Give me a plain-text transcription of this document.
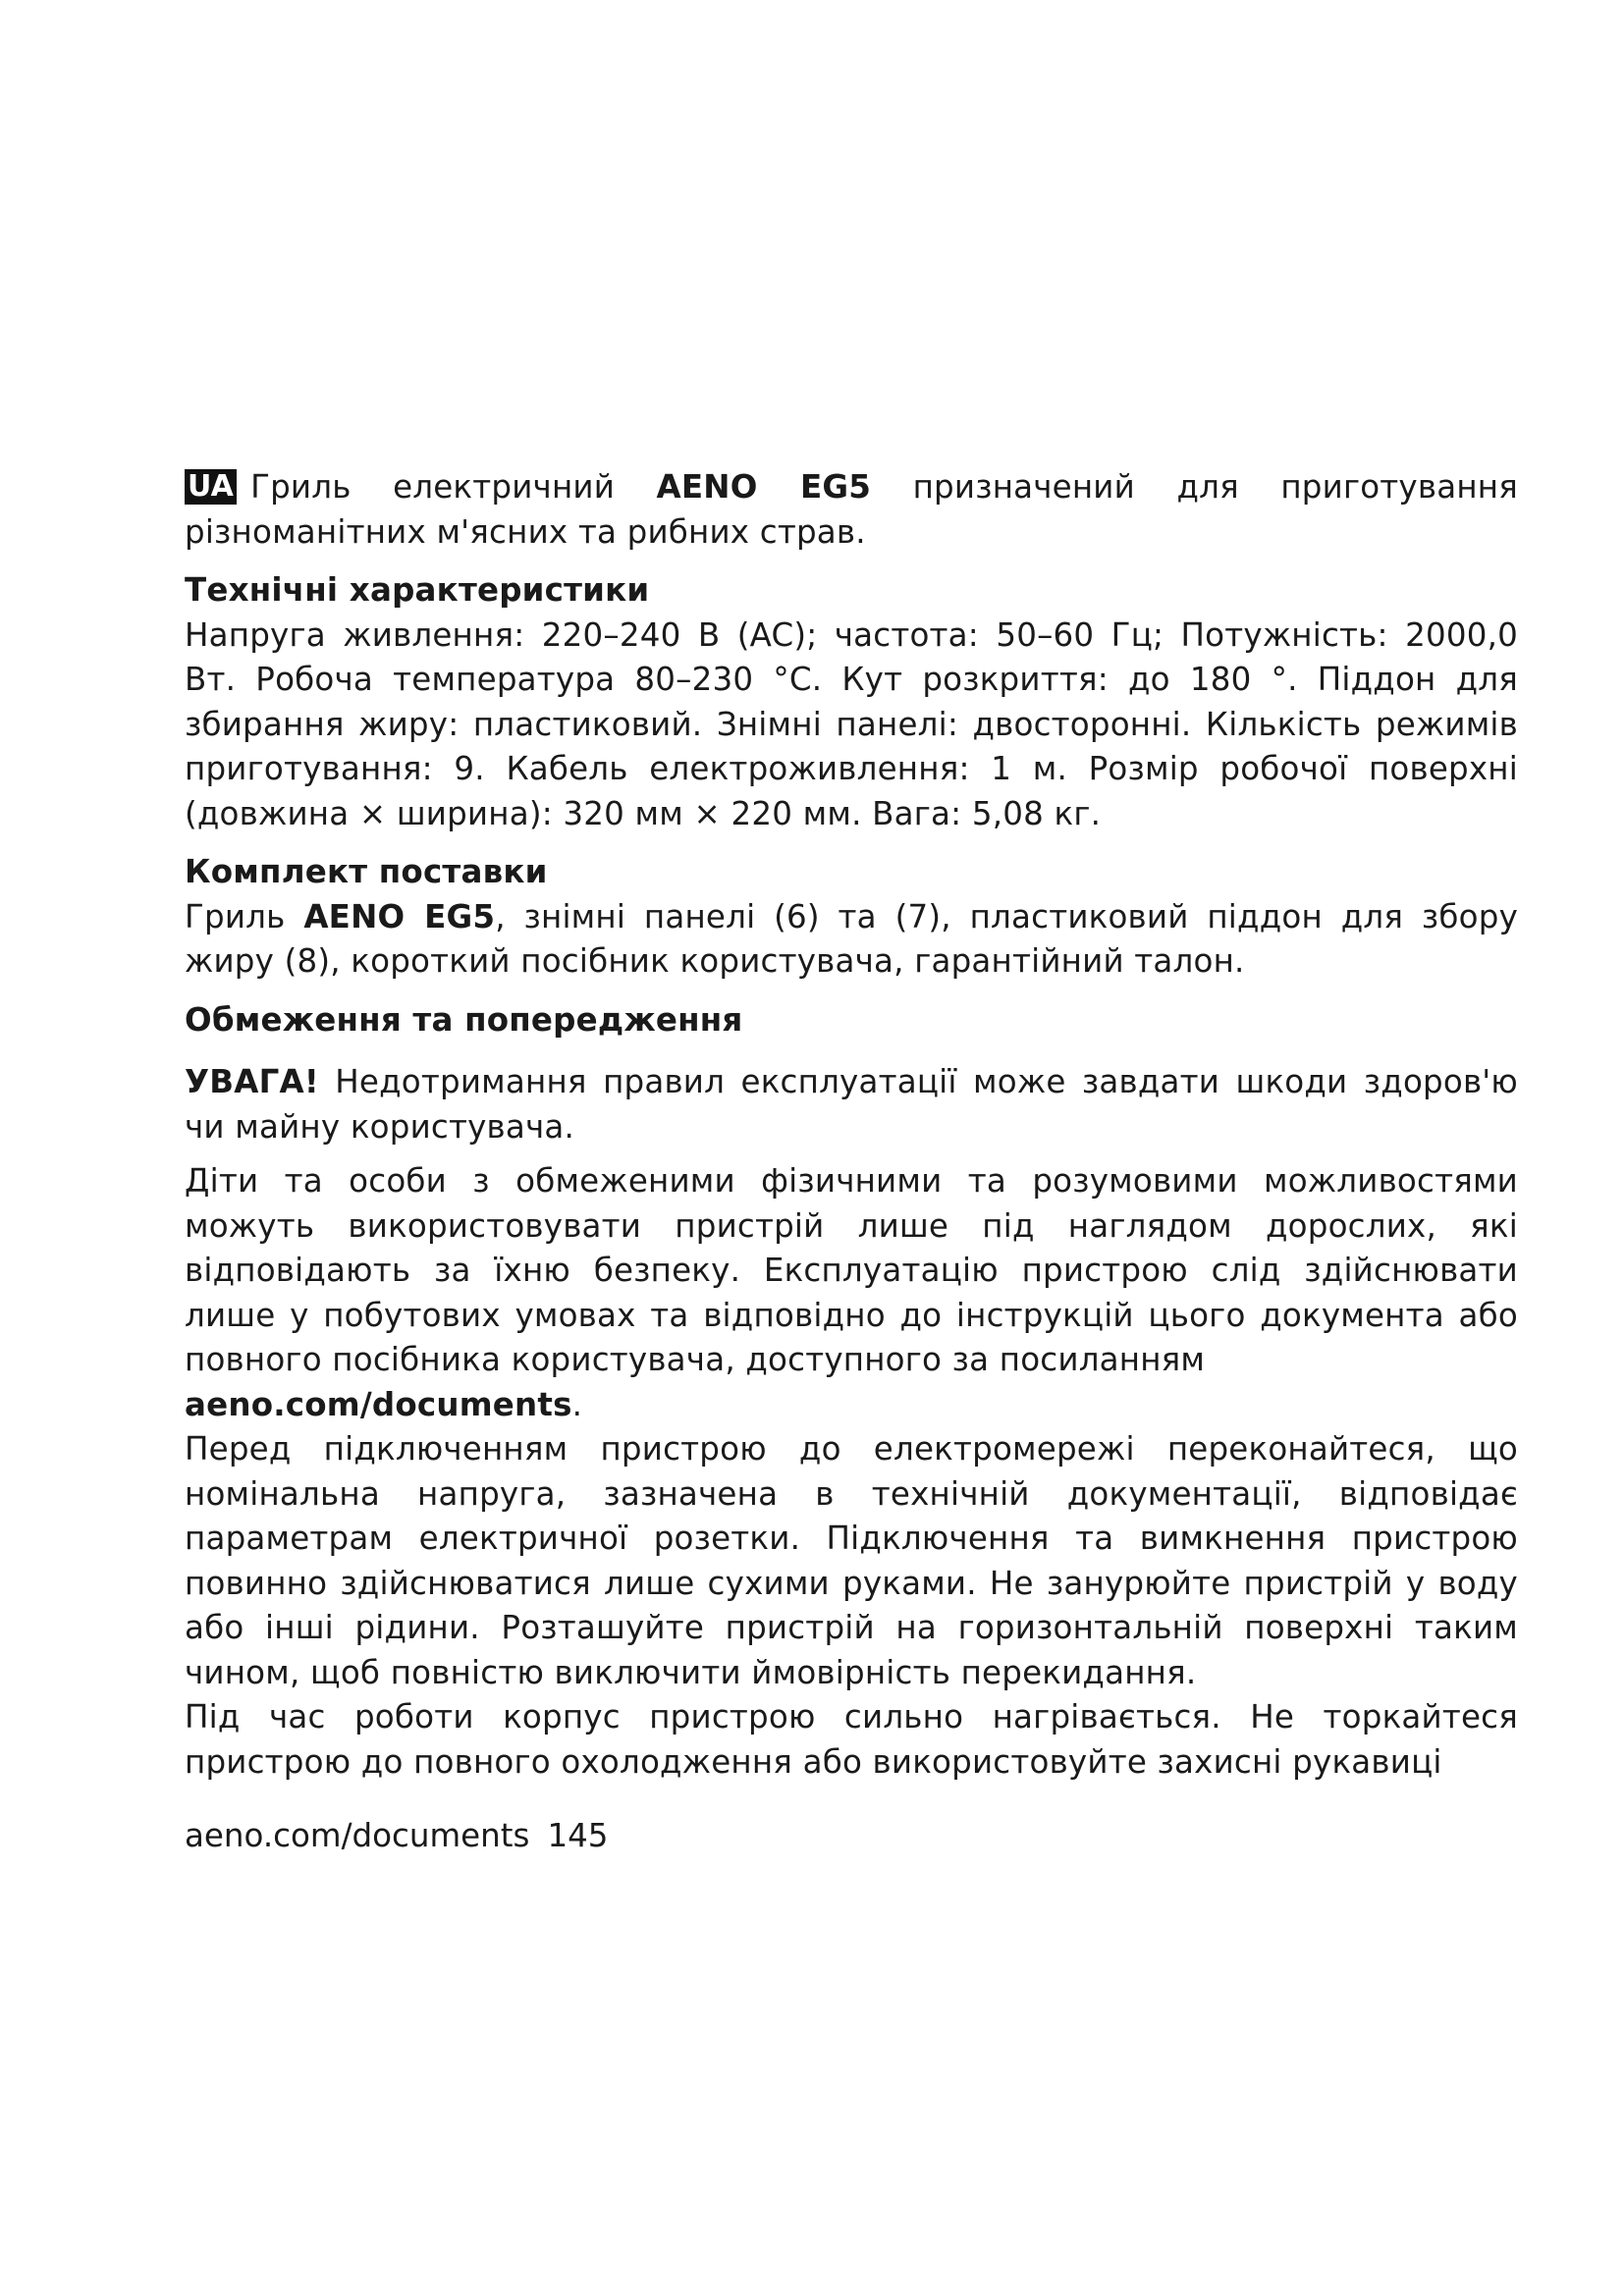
UA Гриль електричний AENO EG5 призначений для приготування різноманітних м'ясних та рибних страв.

Технічні характеристики

Напруга живлення: 220–240 В (AC); частота: 50–60 Гц; Потужність: 2000,0 Вт. Робоча температура 80–230 °С. Кут розкриття: до 180 °. Піддон для збирання жиру: пластиковий. Знімні панелі: двосторонні. Кількість режимів приготування: 9. Кабель електроживлення: 1 м. Розмір робочої поверхні (довжина × ширина): 320 мм × 220 мм. Вага: 5,08 кг.

Комплект поставки

Гриль AENO EG5, знімні панелі (6) та (7), пластиковий піддон для збору жиру (8), короткий посібник користувача, гарантійний талон.

Обмеження та попередження

УВАГА! Недотримання правил експлуатації може завдати шкоди здоров'ю чи майну користувача.

Діти та особи з обмеженими фізичними та розумовими можливостями можуть використовувати пристрій лише під наглядом дорослих, які відповідають за їхню безпеку. Експлуатацію пристрою слід здійснювати лише у побутових умовах та відповідно до інструкцій цього документа або повного посібника користувача, доступного за посиланням
aeno.com/documents.

Перед підключенням пристрою до електромережі переконайтеся, що номінальна напруга, зазначена в технічній документації, відповідає параметрам електричної розетки. Підключення та вимкнення пристрою повинно здійснюватися лише сухими руками. Не занурюйте пристрій у воду або інші рідини. Розташуйте пристрій на горизонтальній поверхні таким чином, щоб повністю виключити ймовірність перекидання.

Під час роботи корпус пристрою сильно нагрівається. Не торкайтеся пристрою до повного охолодження або використовуйте захисні рукавиці

aeno.com/documents 145
